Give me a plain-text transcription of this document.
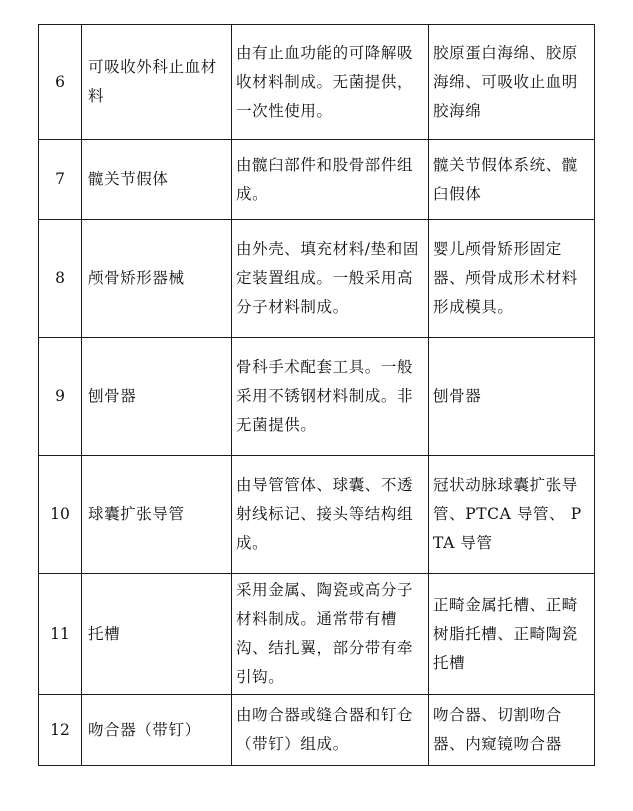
6	可吸收外科止血材料	由有止血功能的可降解吸收材料制成。无菌提供，一次性使用。	胶原蛋白海绵、胶原海绵、可吸收止血明胶海绵
7	髋关节假体	由髋臼部件和股骨部件组成。	髋关节假体系统、髋臼假体
8	颅骨矫形器械	由外壳、填充材料/垫和固定装置组成。一般采用高分子材料制成。	婴儿颅骨矫形固定器、颅骨成形术材料形成模具。
9	刨骨器	骨科手术配套工具。一般采用不锈钢材料制成。非无菌提供。	刨骨器
10	球囊扩张导管	由导管管体、球囊、不透射线标记、接头等结构组成。	冠状动脉球囊扩张导管、PTCA 导管、 PTA 导管
11	托槽	采用金属、陶瓷或高分子材料制成。通常带有槽沟、结扎翼，部分带有牵引钩。	正畸金属托槽、正畸树脂托槽、正畸陶瓷托槽
12	吻合器（带钉）	由吻合器或缝合器和钉仓（带钉）组成。	吻合器、切割吻合器、内窥镜吻合器
